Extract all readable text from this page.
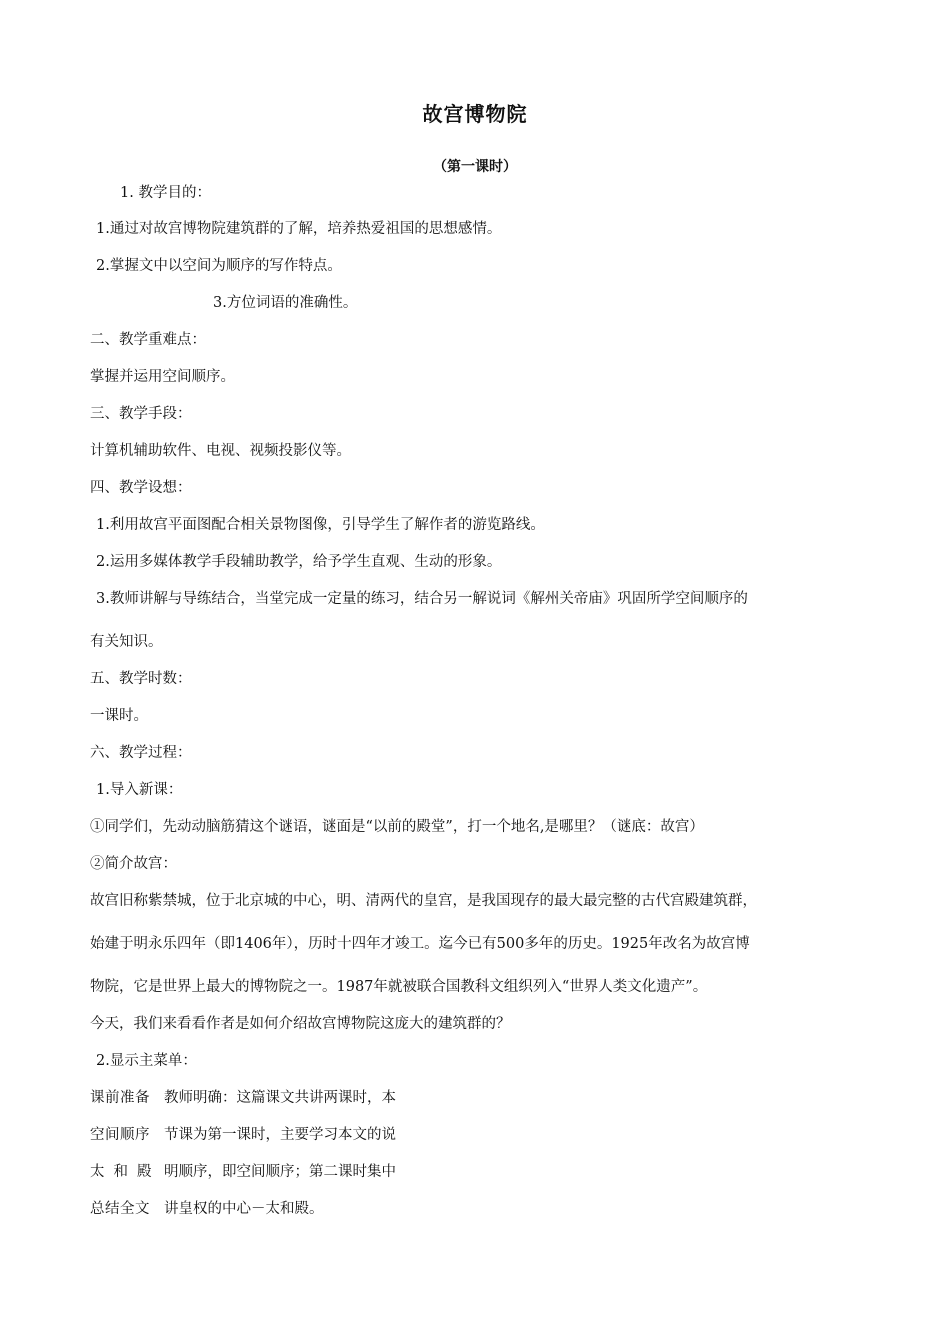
故宫博物院
（第一课时）
1. 教学目的：
1.通过对故宫博物院建筑群的了解，培养热爱祖国的思想感情。
2.掌握文中以空间为顺序的写作特点。
3.方位词语的准确性。
二、教学重难点：
掌握并运用空间顺序。
三、教学手段：
计算机辅助软件、电视、视频投影仪等。
四、教学设想：
1.利用故宫平面图配合相关景物图像，引导学生了解作者的游览路线。
2.运用多媒体教学手段辅助教学，给予学生直观、生动的形象。
3.教师讲解与导练结合，当堂完成一定量的练习，结合另一解说词《解州关帝庙》巩固所学空间顺序的
有关知识。
五、教学时数：
一课时。
六、教学过程：
1.导入新课：
①同学们，先动动脑筋猜这个谜语，谜面是“以前的殿堂”，打一个地名,是哪里？（谜底：故宫）
②简介故宫：
故宫旧称紫禁城，位于北京城的中心，明、清两代的皇宫，是我国现存的最大最完整的古代宫殿建筑群，
始建于明永乐四年（即1406年），历时十四年才竣工。迄今已有500多年的历史。1925年改名为故宫博
物院，它是世界上最大的博物院之一。1987年就被联合国教科文组织列入“世界人类文化遗产”。
今天，我们来看看作者是如何介绍故宫博物院这庞大的建筑群的？
2.显示主菜单：
课前准备 教师明确：这篇课文共讲两课时，本
空间顺序 节课为第一课时，主要学习本文的说
太和殿 明顺序，即空间顺序；第二课时集中
总结全文 讲皇权的中心－太和殿。
